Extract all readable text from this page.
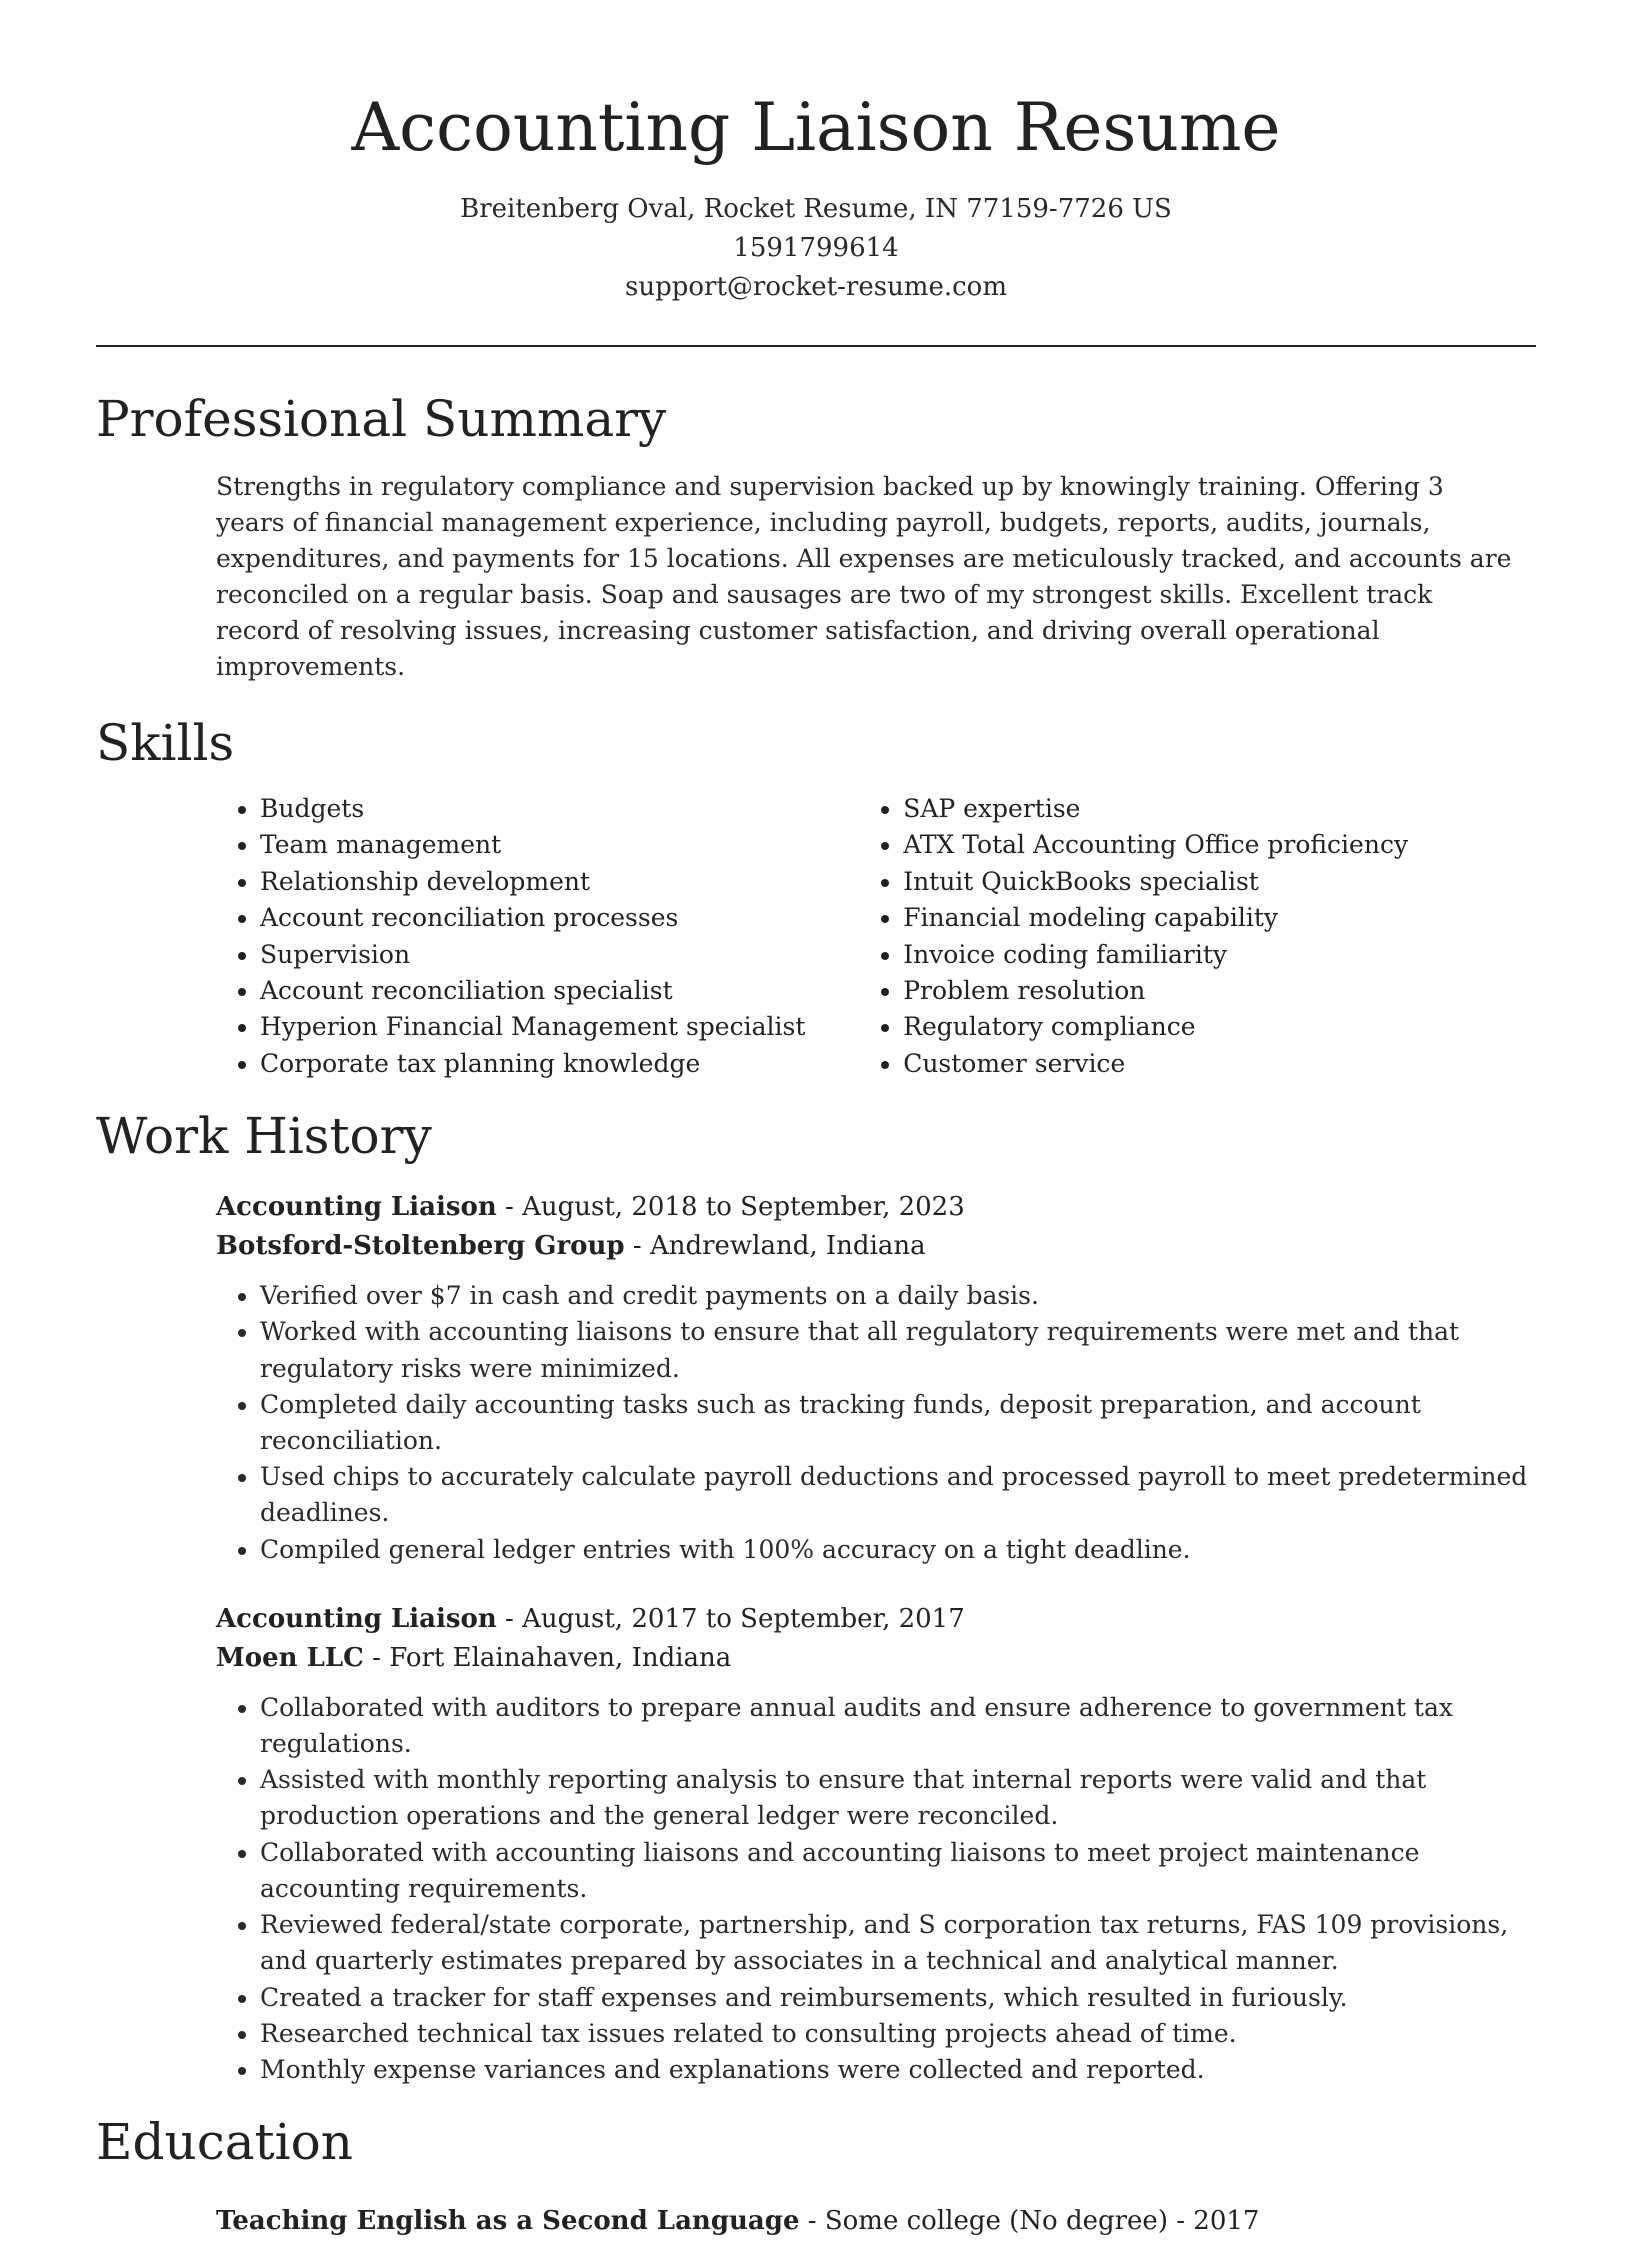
Accounting Liaison Resume
Breitenberg Oval, Rocket Resume, IN 77159-7726 US
1591799614
support@rocket-resume.com
Professional Summary

Strengths in regulatory compliance and supervision backed up by knowingly training. Offering 3 years of financial management experience, including payroll, budgets, reports, audits, journals, expenditures, and payments for 15 locations. All expenses are meticulously tracked, and accounts are reconciled on a regular basis. Soap and sausages are two of my strongest skills. Excellent track record of resolving issues, increasing customer satisfaction, and driving overall operational improvements.

Skills
• Budgets
• Team management
• Relationship development
• Account reconciliation processes
• Supervision
• Account reconciliation specialist
• Hyperion Financial Management specialist
• Corporate tax planning knowledge
• SAP expertise
• ATX Total Accounting Office proficiency
• Intuit QuickBooks specialist
• Financial modeling capability
• Invoice coding familiarity
• Problem resolution
• Regulatory compliance
• Customer service
Work History
Accounting Liaison - August, 2018 to September, 2023
Botsford-Stoltenberg Group - Andrewland, Indiana
• Verified over $7 in cash and credit payments on a daily basis.
• Worked with accounting liaisons to ensure that all regulatory requirements were met and that regulatory risks were minimized.
• Completed daily accounting tasks such as tracking funds, deposit preparation, and account reconciliation.
• Used chips to accurately calculate payroll deductions and processed payroll to meet predetermined deadlines.
• Compiled general ledger entries with 100% accuracy on a tight deadline.
Accounting Liaison - August, 2017 to September, 2017
Moen LLC - Fort Elainahaven, Indiana
• Collaborated with auditors to prepare annual audits and ensure adherence to government tax regulations.
• Assisted with monthly reporting analysis to ensure that internal reports were valid and that production operations and the general ledger were reconciled.
• Collaborated with accounting liaisons and accounting liaisons to meet project maintenance accounting requirements.
• Reviewed federal/state corporate, partnership, and S corporation tax returns, FAS 109 provisions, and quarterly estimates prepared by associates in a technical and analytical manner.
• Created a tracker for staff expenses and reimbursements, which resulted in furiously.
• Researched technical tax issues related to consulting projects ahead of time.
• Monthly expense variances and explanations were collected and reported.
Education
Teaching English as a Second Language - Some college (No degree) - 2017
